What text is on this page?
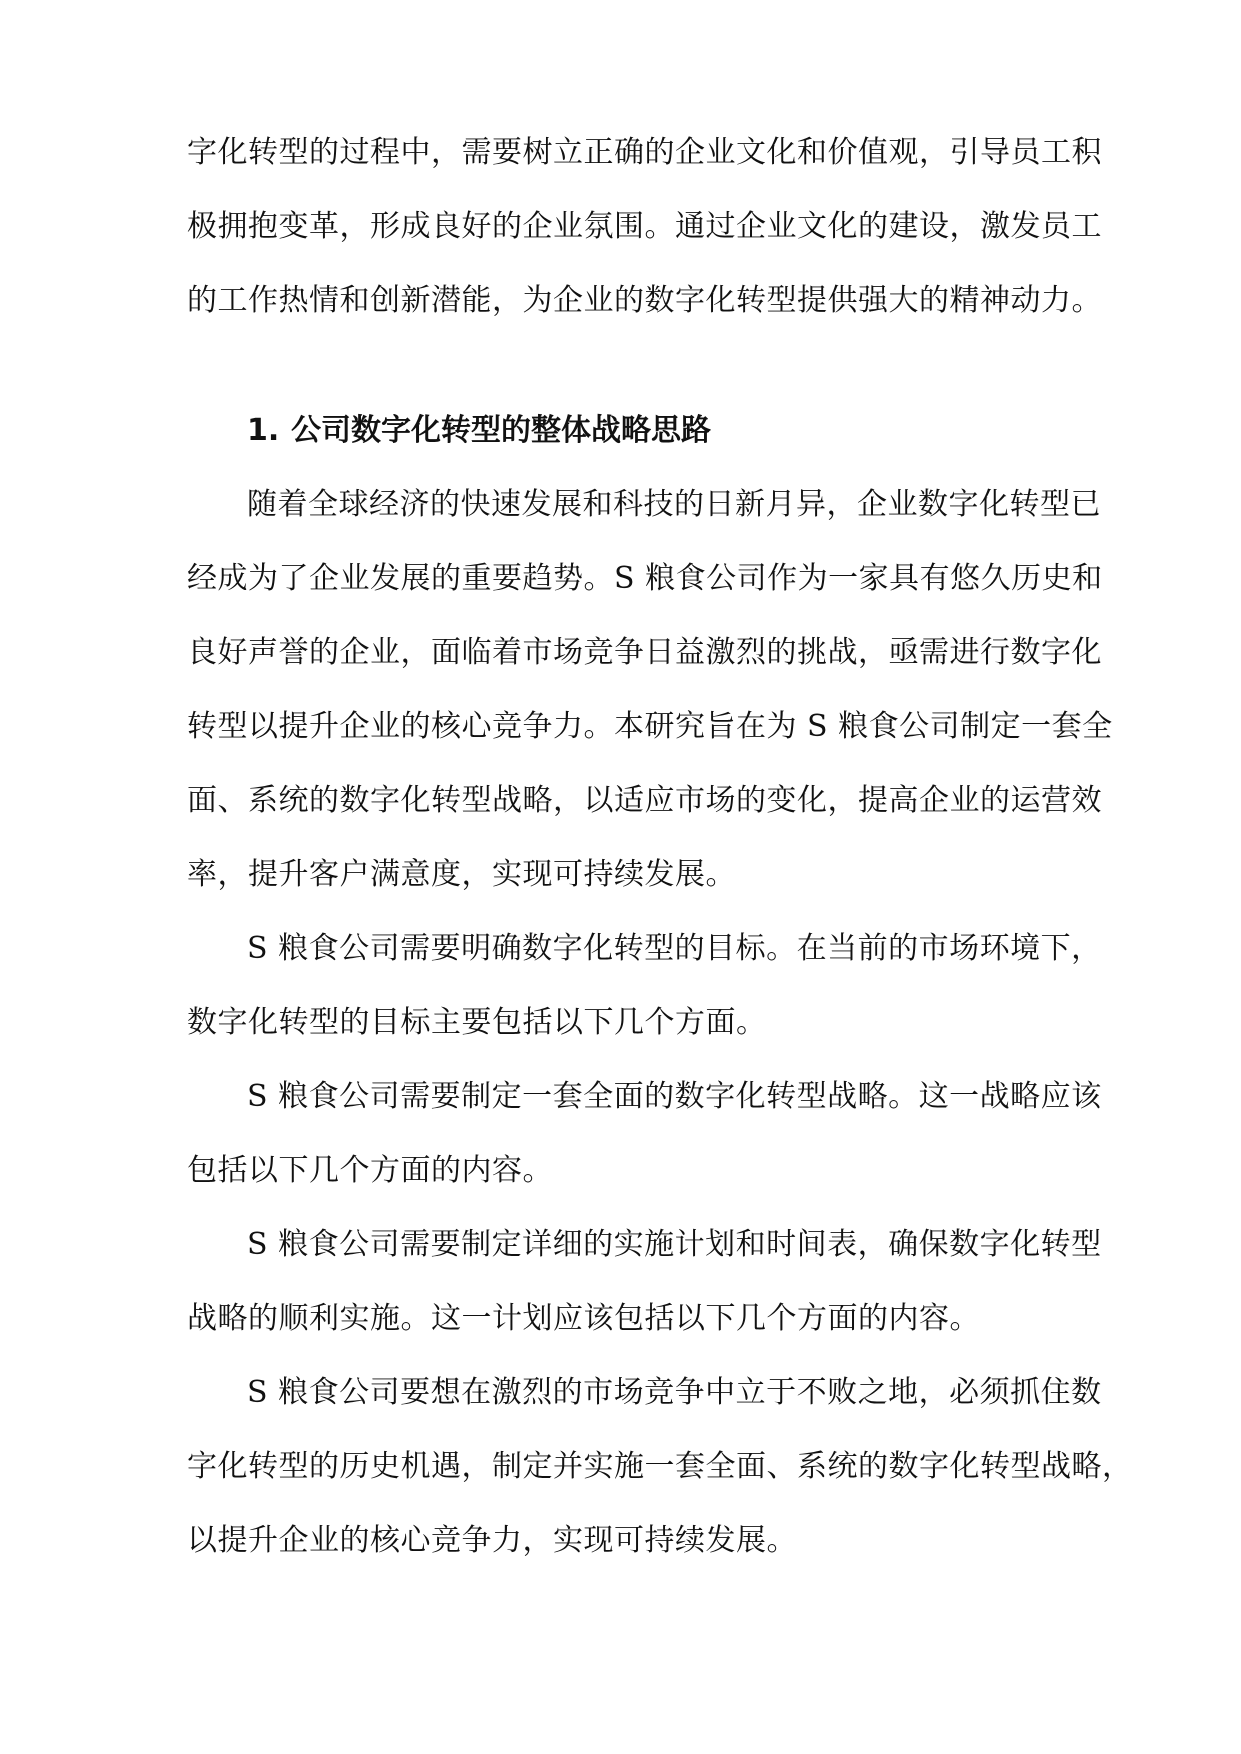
字化转型的过程中，需要树立正确的企业文化和价值观，引导员工积
极拥抱变革，形成良好的企业氛围。通过企业文化的建设，激发员工
的工作热情和创新潜能，为企业的数字化转型提供强大的精神动力。
1. 公司数字化转型的整体战略思路
随着全球经济的快速发展和科技的日新月异，企业数字化转型已
经成为了企业发展的重要趋势。S 粮食公司作为一家具有悠久历史和
良好声誉的企业，面临着市场竞争日益激烈的挑战，亟需进行数字化
转型以提升企业的核心竞争力。本研究旨在为 S 粮食公司制定一套全
面、系统的数字化转型战略，以适应市场的变化，提高企业的运营效
率，提升客户满意度，实现可持续发展。
S 粮食公司需要明确数字化转型的目标。在当前的市场环境下，
数字化转型的目标主要包括以下几个方面。
S 粮食公司需要制定一套全面的数字化转型战略。这一战略应该
包括以下几个方面的内容。
S 粮食公司需要制定详细的实施计划和时间表，确保数字化转型
战略的顺利实施。这一计划应该包括以下几个方面的内容。
S 粮食公司要想在激烈的市场竞争中立于不败之地，必须抓住数
字化转型的历史机遇，制定并实施一套全面、系统的数字化转型战略，
以提升企业的核心竞争力，实现可持续发展。
